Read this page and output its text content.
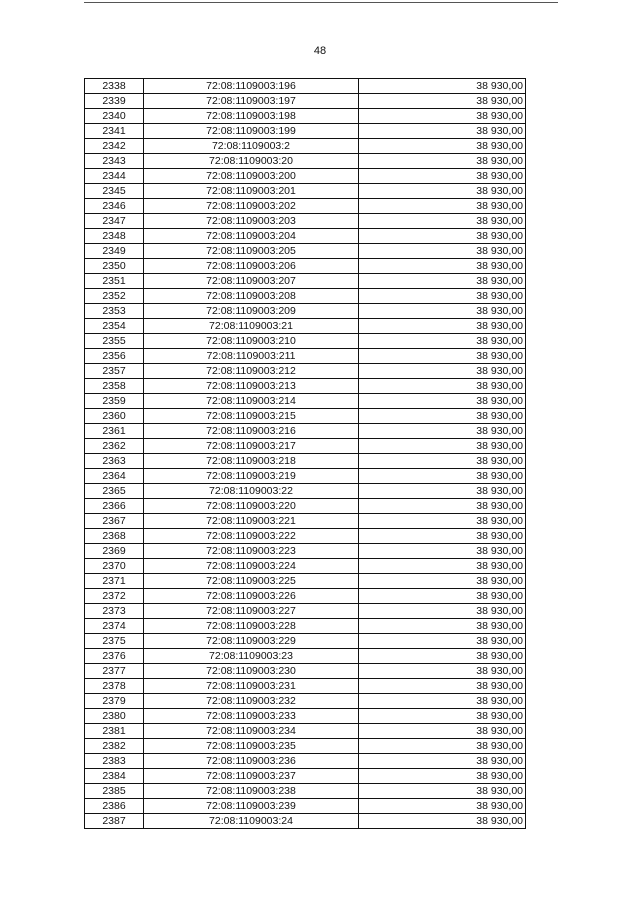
48
2338	72:08:1109003:196	38 930,00
2339	72:08:1109003:197	38 930,00
2340	72:08:1109003:198	38 930,00
2341	72:08:1109003:199	38 930,00
2342	72:08:1109003:2	38 930,00
2343	72:08:1109003:20	38 930,00
2344	72:08:1109003:200	38 930,00
2345	72:08:1109003:201	38 930,00
2346	72:08:1109003:202	38 930,00
2347	72:08:1109003:203	38 930,00
2348	72:08:1109003:204	38 930,00
2349	72:08:1109003:205	38 930,00
2350	72:08:1109003:206	38 930,00
2351	72:08:1109003:207	38 930,00
2352	72:08:1109003:208	38 930,00
2353	72:08:1109003:209	38 930,00
2354	72:08:1109003:21	38 930,00
2355	72:08:1109003:210	38 930,00
2356	72:08:1109003:211	38 930,00
2357	72:08:1109003:212	38 930,00
2358	72:08:1109003:213	38 930,00
2359	72:08:1109003:214	38 930,00
2360	72:08:1109003:215	38 930,00
2361	72:08:1109003:216	38 930,00
2362	72:08:1109003:217	38 930,00
2363	72:08:1109003:218	38 930,00
2364	72:08:1109003:219	38 930,00
2365	72:08:1109003:22	38 930,00
2366	72:08:1109003:220	38 930,00
2367	72:08:1109003:221	38 930,00
2368	72:08:1109003:222	38 930,00
2369	72:08:1109003:223	38 930,00
2370	72:08:1109003:224	38 930,00
2371	72:08:1109003:225	38 930,00
2372	72:08:1109003:226	38 930,00
2373	72:08:1109003:227	38 930,00
2374	72:08:1109003:228	38 930,00
2375	72:08:1109003:229	38 930,00
2376	72:08:1109003:23	38 930,00
2377	72:08:1109003:230	38 930,00
2378	72:08:1109003:231	38 930,00
2379	72:08:1109003:232	38 930,00
2380	72:08:1109003:233	38 930,00
2381	72:08:1109003:234	38 930,00
2382	72:08:1109003:235	38 930,00
2383	72:08:1109003:236	38 930,00
2384	72:08:1109003:237	38 930,00
2385	72:08:1109003:238	38 930,00
2386	72:08:1109003:239	38 930,00
2387	72:08:1109003:24	38 930,00
